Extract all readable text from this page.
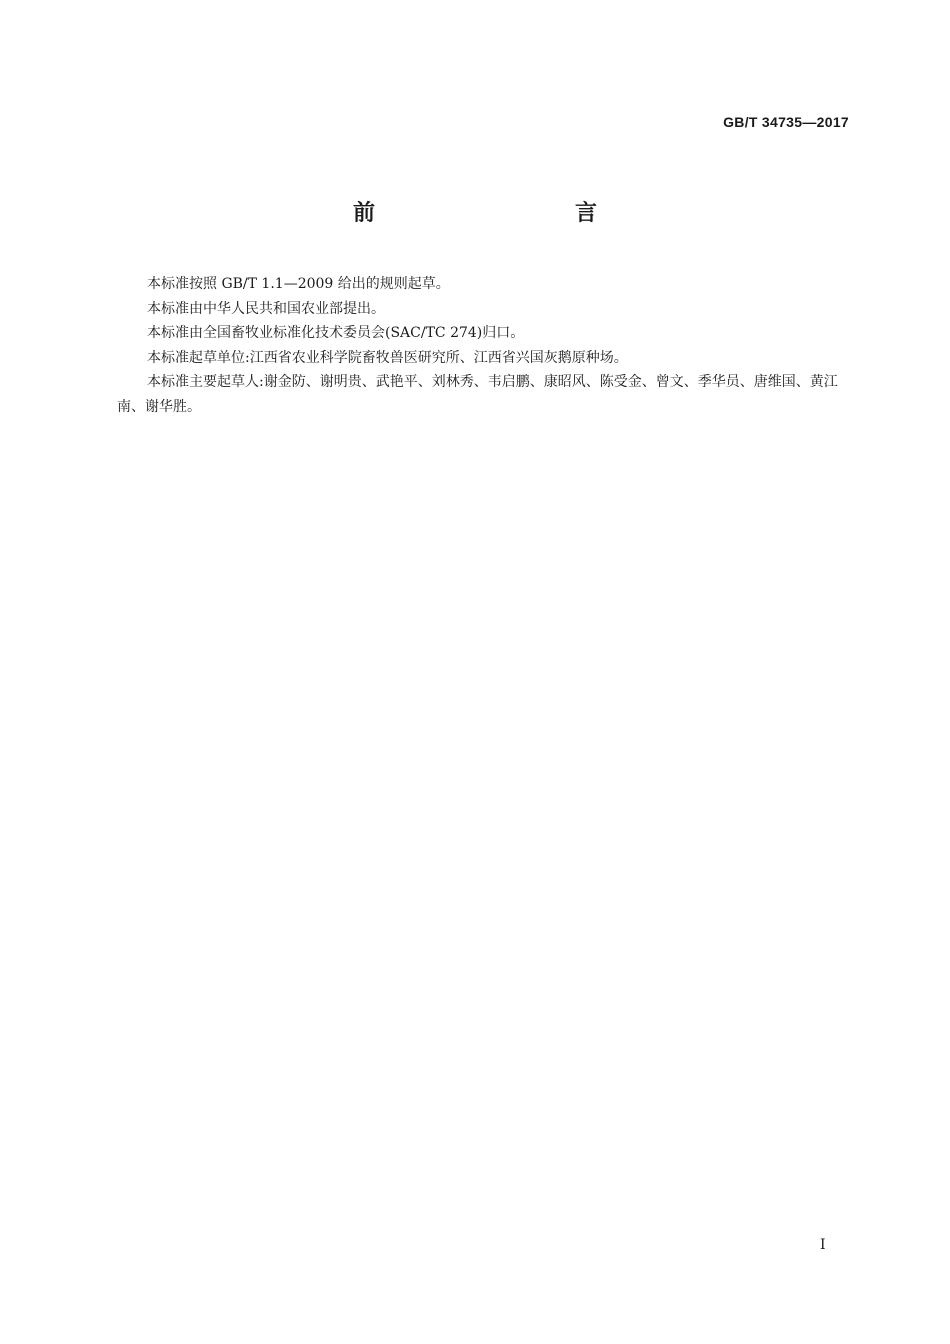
GB/T 34735—2017
前　　言

本标准按照 GB/T 1.1—2009 给出的规则起草。

本标准由中华人民共和国农业部提出。

本标准由全国畜牧业标准化技术委员会(SAC/TC 274)归口。

本标准起草单位:江西省农业科学院畜牧兽医研究所、江西省兴国灰鹅原种场。

本标准主要起草人:谢金防、谢明贵、武艳平、刘林秀、韦启鹏、康昭风、陈受金、曾文、季华员、唐维国、黄江南、谢华胜。

I
